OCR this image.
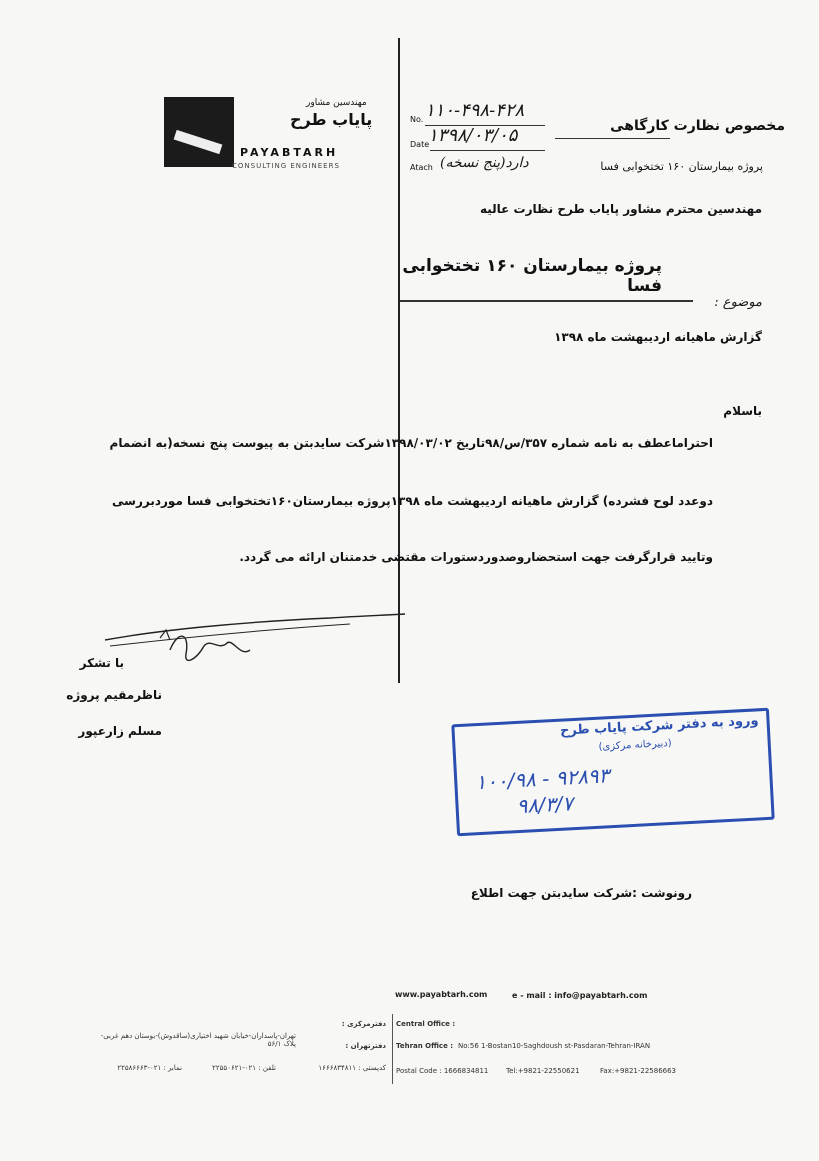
مهندسین مشاور
پایاب طرح
PAYABTARH
CONSULTING ENGINEERS
No. ۱۱۰-۴۹۸-۴۲۸
Date
۱۳۹۸/۰۳/۰۵
Atach دارد(پنج نسخه)
مخصوص نظارت کارگاهی
پروژه بیمارستان ۱۶۰ تختخوابی فسا
مهندسین محترم مشاور پایاب طرح نظارت عالیه
پروژه بیمارستان ۱۶۰ تختخوابی فسا
موضوع :
گزارش ماهیانه اردیبهشت ماه ۱۳۹۸
باسلام
احتراماعطف به نامه شماره ۳۵۷/س/۹۸تاریخ ۱۳۹۸/۰۳/۰۲شرکت سایدبتن به پیوست پنج نسخه(به انضمام
دوعدد لوح فشرده) گزارش ماهیانه اردیبهشت ماه ۱۳۹۸پروژه بیمارستان۱۶۰تختخوابی فسا موردبررسی
وتایید قرارگرفت جهت استحضاروصدوردستورات مقتضی خدمتنان ارائه می گردد.
با تشکر
ناظرمقیم پروژه
مسلم زارعپور	ورود به دفتر شرکت پایاب طرح
(دبیرخانه مرکزی)
۱۰۰/۹۸ - ۹۲۸۹۳
۹۸/۳/۷
رونوشت :شرکت سایدبتن جهت اطلاع
www.payabtarh.com	e - mail : info@payabtarh.com
Central Office :
Tehran Office : No:56 1-Bostan10-Saghdoush st-Pasdaran-Tehran-IRAN
Postal Code : 1666834811	Tel:+9821-22550621	Fax:+9821-22586663
دفترمرکزی :
دفترتهران :
تهران-پاسداران-خیابان شهید اختیاری(ساقدوش)-بوستان دهم غربی-پلاک ۵۶/۱
کدپستی : ۱۶۶۶۸۳۴۸۱۱
تلفن : ۰۲۱-۲۲۵۵۰۶۲۱
نمابر : ۰۲۱-۲۲۵۸۶۶۶۳
